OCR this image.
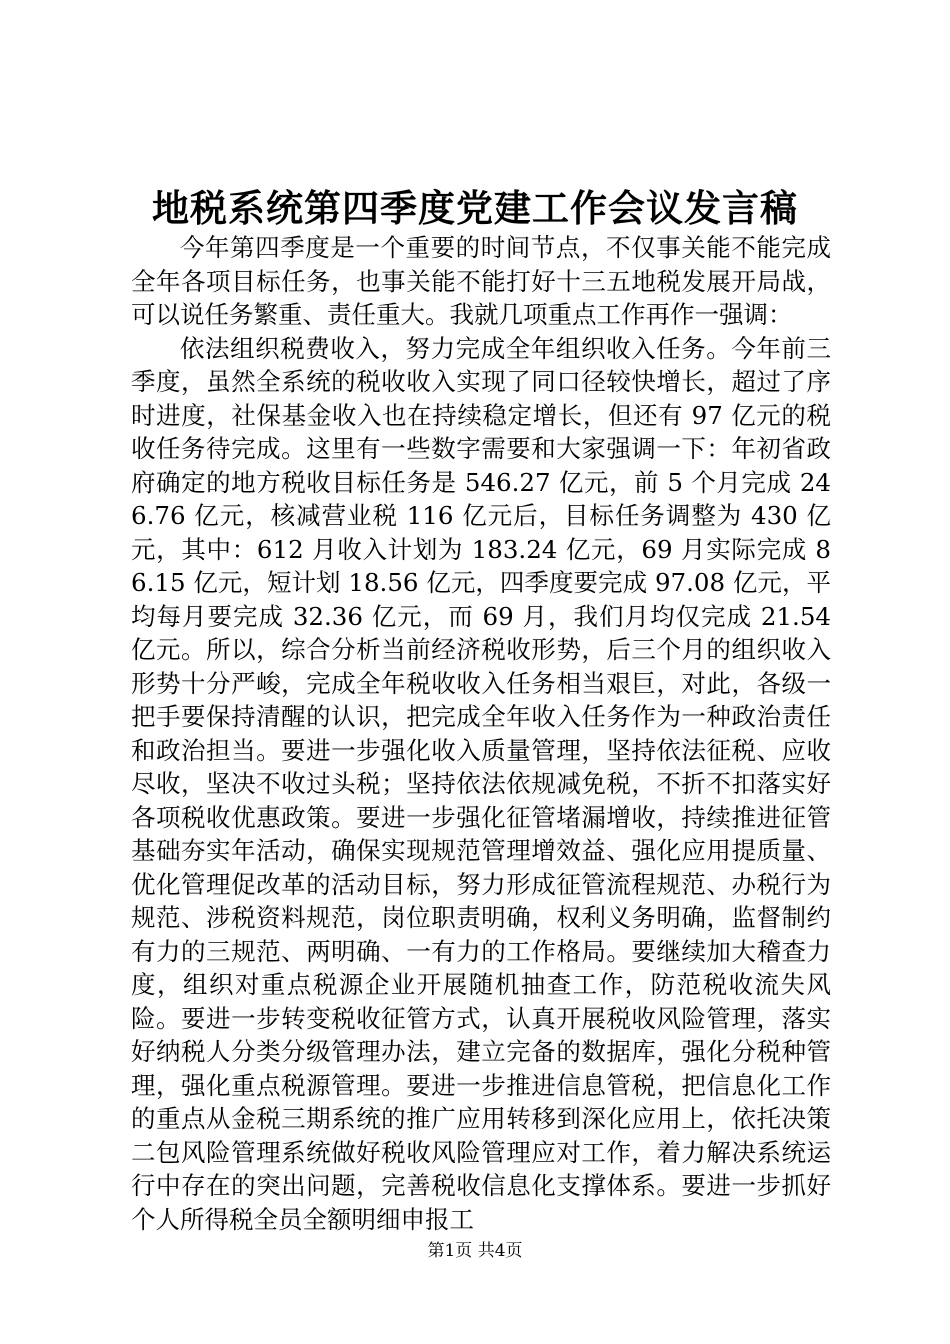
地税系统第四季度党建工作会议发言稿

今年第四季度是一个重要的时间节点，不仅事关能不能完成全年各项目标任务，也事关能不能打好十三五地税发展开局战，可以说任务繁重、责任重大。我就几项重点工作再作一强调：

依法组织税费收入，努力完成全年组织收入任务。今年前三季度，虽然全系统的税收收入实现了同口径较快增长，超过了序时进度，社保基金收入也在持续稳定增长，但还有 97 亿元的税收任务待完成。这里有一些数字需要和大家强调一下：年初省政府确定的地方税收目标任务是 546.27 亿元，前 5 个月完成 246.76 亿元，核减营业税 116 亿元后，目标任务调整为 430 亿元，其中：612 月收入计划为 183.24 亿元，69 月实际完成 86.15 亿元，短计划 18.56 亿元，四季度要完成 97.08 亿元，平均每月要完成 32.36 亿元，而 69 月，我们月均仅完成 21.54 亿元。所以，综合分析当前经济税收形势，后三个月的组织收入形势十分严峻，完成全年税收收入任务相当艰巨，对此，各级一把手要保持清醒的认识，把完成全年收入任务作为一种政治责任和政治担当。要进一步强化收入质量管理，坚持依法征税、应收尽收，坚决不收过头税；坚持依法依规减免税，不折不扣落实好各项税收优惠政策。要进一步强化征管堵漏增收，持续推进征管基础夯实年活动，确保实现规范管理增效益、强化应用提质量、优化管理促改革的活动目标，努力形成征管流程规范、办税行为规范、涉税资料规范，岗位职责明确，权利义务明确，监督制约有力的三规范、两明确、一有力的工作格局。要继续加大稽查力度，组织对重点税源企业开展随机抽查工作，防范税收流失风险。要进一步转变税收征管方式，认真开展税收风险管理，落实好纳税人分类分级管理办法，建立完备的数据库，强化分税种管理，强化重点税源管理。要进一步推进信息管税，把信息化工作的重点从金税三期系统的推广应用转移到深化应用上，依托决策二包风险管理系统做好税收风险管理应对工作，着力解决系统运行中存在的突出问题，完善税收信息化支撑体系。要进一步抓好个人所得税全员全额明细申报工

第1页 共4页
